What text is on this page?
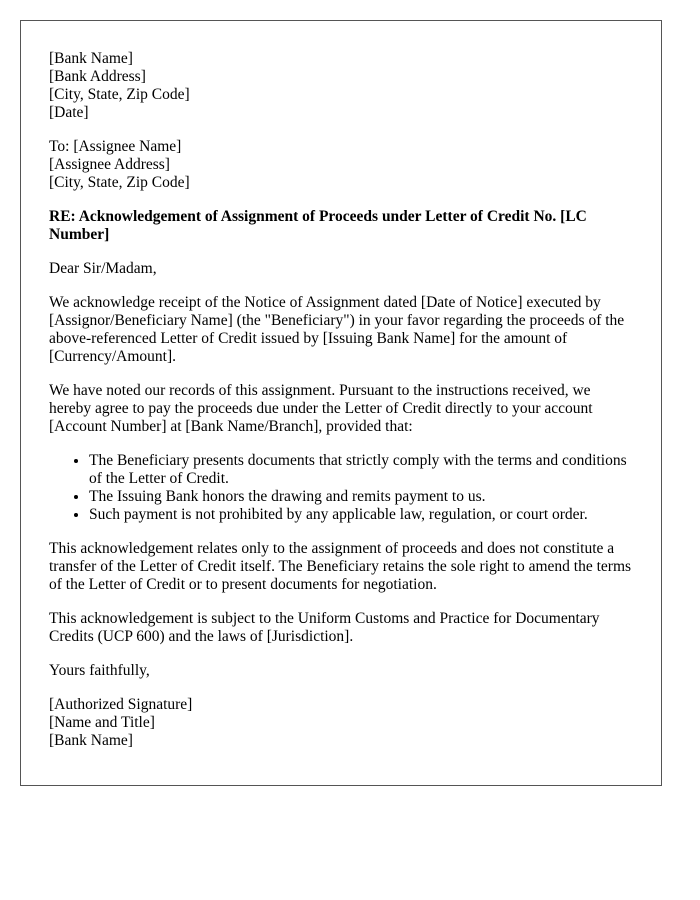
[Bank Name]
[Bank Address]
[City, State, Zip Code]
[Date]
To: [Assignee Name]
[Assignee Address]
[City, State, Zip Code]
RE: Acknowledgement of Assignment of Proceeds under Letter of Credit No. [LC Number]

Dear Sir/Madam,

We acknowledge receipt of the Notice of Assignment dated [Date of Notice] executed by [Assignor/Beneficiary Name] (the "Beneficiary") in your favor regarding the proceeds of the above-referenced Letter of Credit issued by [Issuing Bank Name] for the amount of [Currency/Amount].

We have noted our records of this assignment. Pursuant to the instructions received, we hereby agree to pay the proceeds due under the Letter of Credit directly to your account [Account Number] at [Bank Name/Branch], provided that:

• The Beneficiary presents documents that strictly comply with the terms and conditions of the Letter of Credit.
• The Issuing Bank honors the drawing and remits payment to us.
• Such payment is not prohibited by any applicable law, regulation, or court order.

This acknowledgement relates only to the assignment of proceeds and does not constitute a transfer of the Letter of Credit itself. The Beneficiary retains the sole right to amend the terms of the Letter of Credit or to present documents for negotiation.

This acknowledgement is subject to the Uniform Customs and Practice for Documentary Credits (UCP 600) and the laws of [Jurisdiction].

Yours faithfully,

[Authorized Signature]
[Name and Title]
[Bank Name]
